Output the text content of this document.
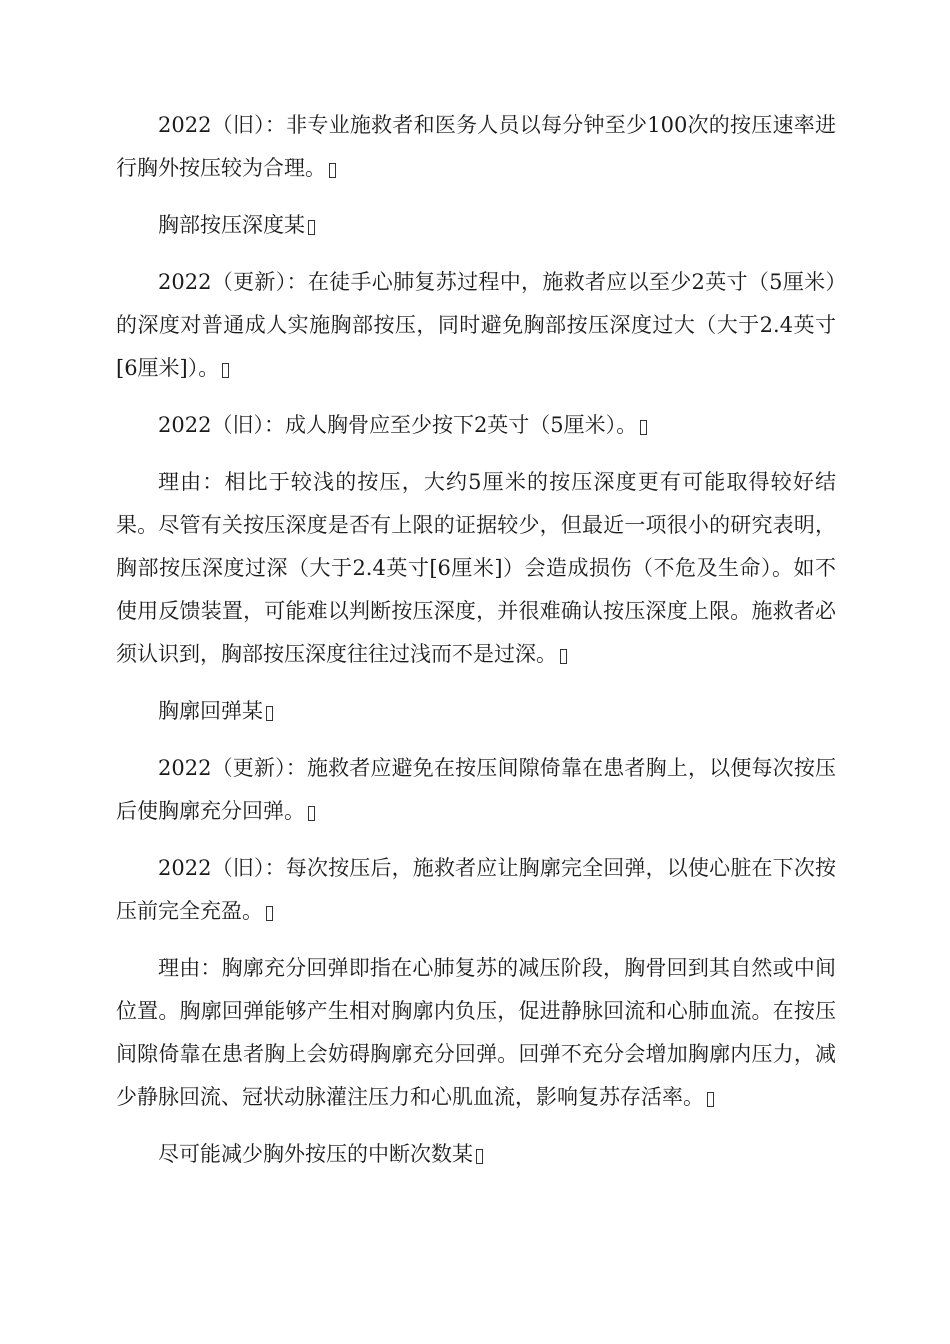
2022（旧）：非专业施救者和医务人员以每分钟至少100次的按压速率进行胸外按压较为合理。

胸部按压深度某

2022（更新）：在徒手心肺复苏过程中，施救者应以至少2英寸（5厘米）的深度对普通成人实施胸部按压，同时避免胸部按压深度过大（大于2.4英寸[6厘米]）。

2022（旧）：成人胸骨应至少按下2英寸（5厘米）。

理由：相比于较浅的按压，大约5厘米的按压深度更有可能取得较好结果。尽管有关按压深度是否有上限的证据较少，但最近一项很小的研究表明，胸部按压深度过深（大于2.4英寸[6厘米]）会造成损伤（不危及生命）。如不使用反馈装置，可能难以判断按压深度，并很难确认按压深度上限。施救者必须认识到，胸部按压深度往往过浅而不是过深。

胸廓回弹某

2022（更新）：施救者应避免在按压间隙倚靠在患者胸上，以便每次按压后使胸廓充分回弹。

2022（旧）：每次按压后，施救者应让胸廓完全回弹，以使心脏在下次按压前完全充盈。

理由：胸廓充分回弹即指在心肺复苏的减压阶段，胸骨回到其自然或中间位置。胸廓回弹能够产生相对胸廓内负压，促进静脉回流和心肺血流。在按压间隙倚靠在患者胸上会妨碍胸廓充分回弹。回弹不充分会增加胸廓内压力，减少静脉回流、冠状动脉灌注压力和心肌血流，影响复苏存活率。

尽可能减少胸外按压的中断次数某
